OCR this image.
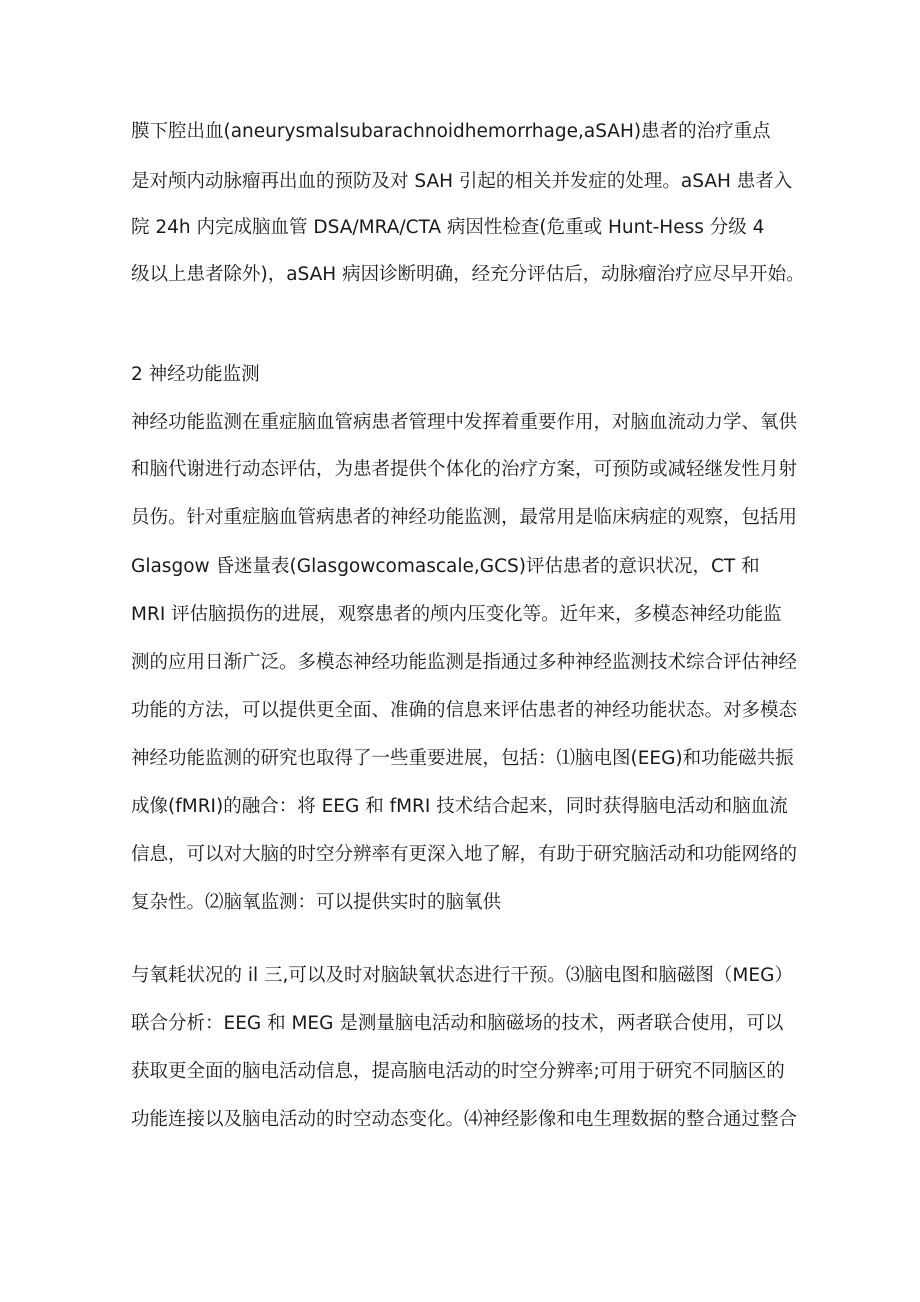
膜下腔出血(aneurysmalsubarachnoidhemorrhage,aSAH)患者的治疗重点
是对颅内动脉瘤再出血的预防及对 SAH 引起的相关并发症的处理。aSAH 患者入
院 24h 内完成脑血管 DSA/MRA/CTA 病因性检查(危重或 Hunt-Hess 分级 4
级以上患者除外)，aSAH 病因诊断明确，经充分评估后，动脉瘤治疗应尽早开始。
2 神经功能监测
神经功能监测在重症脑血管病患者管理中发挥着重要作用，对脑血流动力学、氧供
和脑代谢进行动态评估，为患者提供个体化的治疗方案，可预防或减轻继发性月射
员伤。针对重症脑血管病患者的神经功能监测，最常用是临床病症的观察，包括用
Glasgow 昏迷量表(Glasgowcomascale,GCS)评估患者的意识状况，CT 和
MRI 评估脑损伤的进展，观察患者的颅内压变化等。近年来，多模态神经功能监
测的应用日渐广泛。多模态神经功能监测是指通过多种神经监测技术综合评估神经
功能的方法，可以提供更全面、准确的信息来评估患者的神经功能状态。对多模态
神经功能监测的研究也取得了一些重要进展，包括：⑴脑电图(EEG)和功能磁共振
成像(fMRI)的融合：将 EEG 和 fMRI 技术结合起来，同时获得脑电活动和脑血流
信息，可以对大脑的时空分辨率有更深入地了解，有助于研究脑活动和功能网络的
复杂性。⑵脑氧监测：可以提供实时的脑氧供
与氧耗状况的 il 三,可以及时对脑缺氧状态进行干预。⑶脑电图和脑磁图（MEG）
联合分析：EEG 和 MEG 是测量脑电活动和脑磁场的技术，两者联合使用，可以
获取更全面的脑电活动信息，提高脑电活动的时空分辨率;可用于研究不同脑区的
功能连接以及脑电活动的时空动态变化。⑷神经影像和电生理数据的整合通过整合
